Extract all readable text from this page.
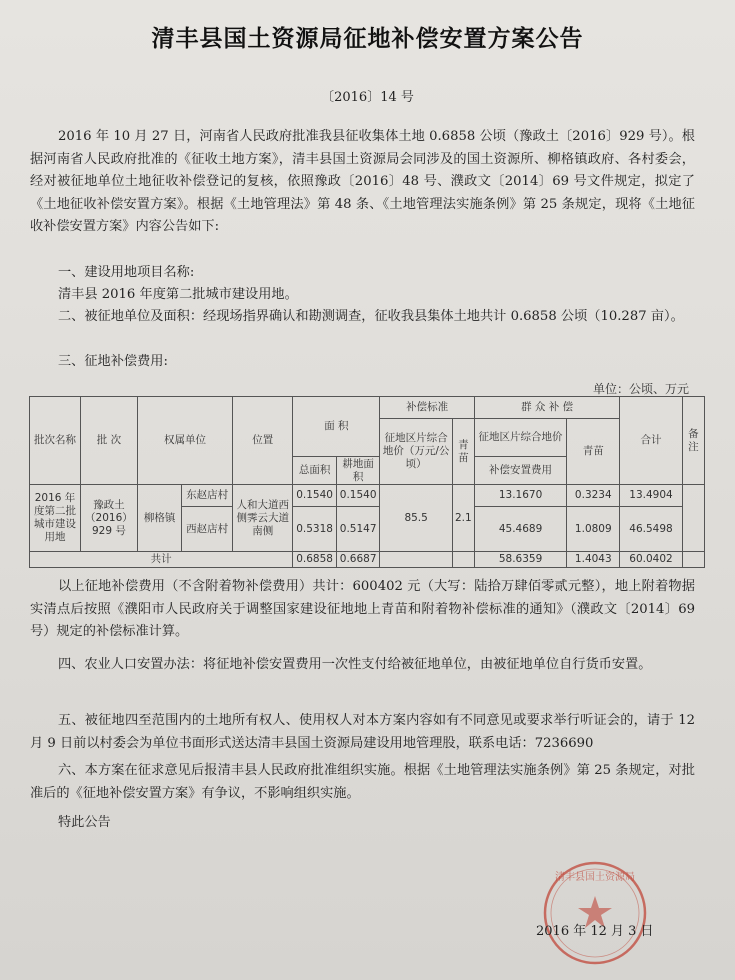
清丰县国土资源局征地补偿安置方案公告
〔2016〕14 号
2016 年 10 月 27 日，河南省人民政府批准我县征收集体土地 0.6858 公顷（豫政土〔2016〕929 号）。根据河南省人民政府批准的《征收土地方案》，清丰县国土资源局会同涉及的国土资源所、柳格镇政府、各村委会，经对被征地单位土地征收补偿登记的复核，依照豫政〔2016〕48 号、濮政文〔2014〕69 号文件规定，拟定了《土地征收补偿安置方案》。根据《土地管理法》第 48 条、《土地管理法实施条例》第 25 条规定，现将《土地征收补偿安置方案》内容公告如下:
一、建设用地项目名称:
清丰县 2016 年度第二批城市建设用地。
二、被征地单位及面积：经现场指界确认和勘测调查，征收我县集体土地共计 0.6858 公顷（10.287 亩）。
三、征地补偿费用:
单位：公顷、万元
批次名称	批 次	权属单位		位置	面 积		补偿标准		群 众 补 偿		合计	备注
							征地区片综合地价（万元/公顷）	青苗	征地区片综合地价	青苗		
					总面积	耕地面积			补偿安置费用			
2016 年度第二批城市建设用地	豫政土（2016）929 号	柳格镇	东赵店村	人和大道西侧霁云大道南侧	0.1540	0.1540	85.5	2.1	13.1670	0.3234	13.4904	
			西赵店村		0.5318	0.5147			45.4689	1.0809	46.5498	
共计					0.6858	0.6687			58.6359	1.4043	60.0402	
以上征地补偿费用（不含附着物补偿费用）共计：600402 元（大写：陆拾万肆佰零贰元整），地上附着物据实清点后按照《濮阳市人民政府关于调整国家建设征地地上青苗和附着物补偿标准的通知》（濮政文〔2014〕69 号）规定的补偿标准计算。
四、农业人口安置办法：将征地补偿安置费用一次性支付给被征地单位，由被征地单位自行货币安置。
五、被征地四至范围内的土地所有权人、使用权人对本方案内容如有不同意见或要求举行听证会的，请于 12 月 9 日前以村委会为单位书面形式送达清丰县国土资源局建设用地管理股，联系电话：7236690
六、本方案在征求意见后报清丰县人民政府批准组织实施。根据《土地管理法实施条例》第 25 条规定，对批准后的《征地补偿安置方案》有争议，不影响组织实施。
特此公告
清丰县国土资源局
2016 年 12 月 3 日
